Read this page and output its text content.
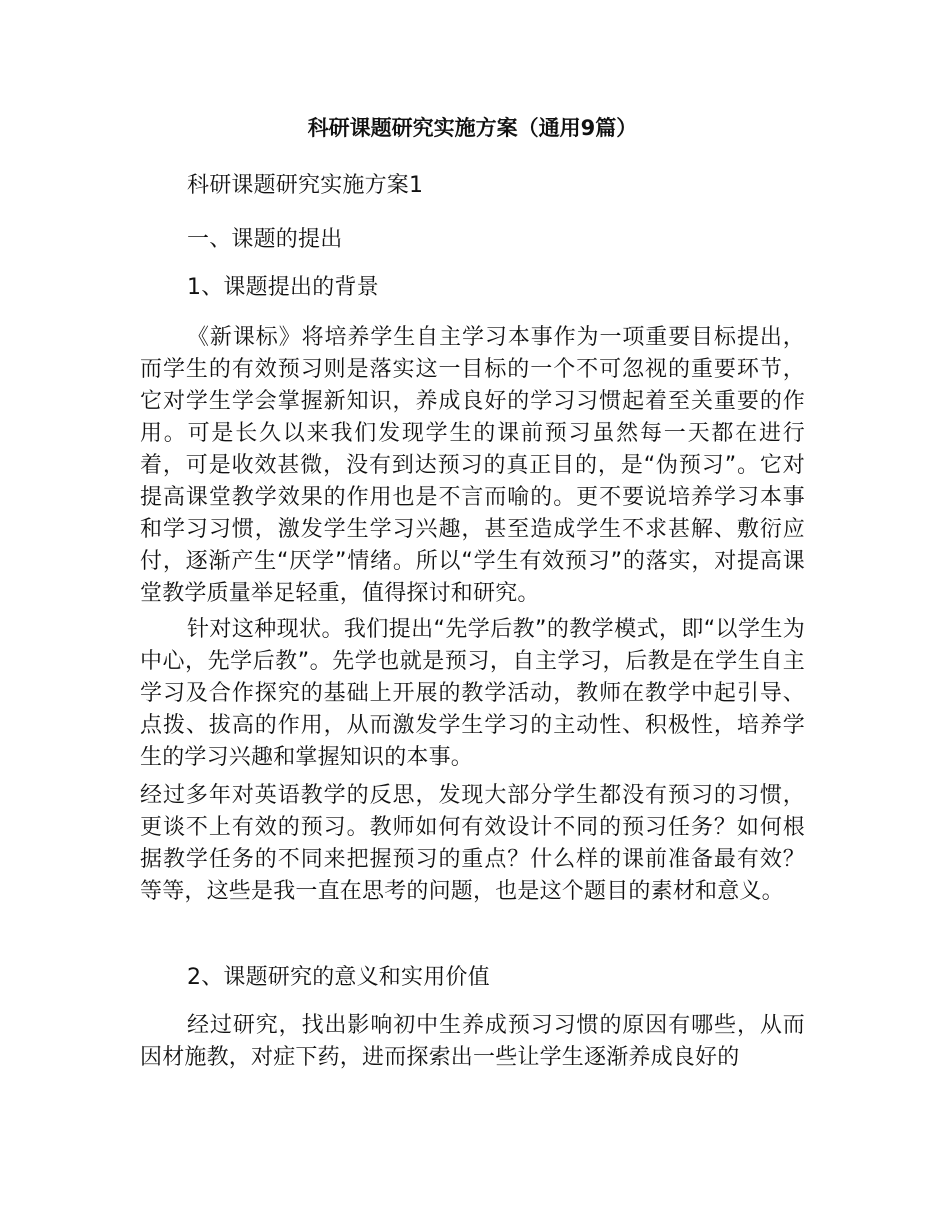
科研课题研究实施方案（通用9篇）

科研课题研究实施方案1

一、课题的提出

1、课题提出的背景

《新课标》将培养学生自主学习本事作为一项重要目标提出，而学生的有效预习则是落实这一目标的一个不可忽视的重要环节，它对学生学会掌握新知识，养成良好的学习习惯起着至关重要的作用。可是长久以来我们发现学生的课前预习虽然每一天都在进行着，可是收效甚微，没有到达预习的真正目的，是“伪预习”。它对提高课堂教学效果的作用也是不言而喻的。更不要说培养学习本事和学习习惯，激发学生学习兴趣，甚至造成学生不求甚解、敷衍应付，逐渐产生“厌学”情绪。所以“学生有效预习”的落实，对提高课堂教学质量举足轻重，值得探讨和研究。

针对这种现状。我们提出“先学后教”的教学模式，即“以学生为中心，先学后教”。先学也就是预习，自主学习，后教是在学生自主学习及合作探究的基础上开展的教学活动，教师在教学中起引导、点拨、拔高的作用，从而激发学生学习的主动性、积极性，培养学生的学习兴趣和掌握知识的本事。

经过多年对英语教学的反思，发现大部分学生都没有预习的习惯，更谈不上有效的预习。教师如何有效设计不同的预习任务？如何根据教学任务的不同来把握预习的重点？什么样的课前准备最有效？等等，这些是我一直在思考的问题，也是这个题目的素材和意义。

2、课题研究的意义和实用价值

经过研究，找出影响初中生养成预习习惯的原因有哪些，从而因材施教，对症下药，进而探索出一些让学生逐渐养成良好的
